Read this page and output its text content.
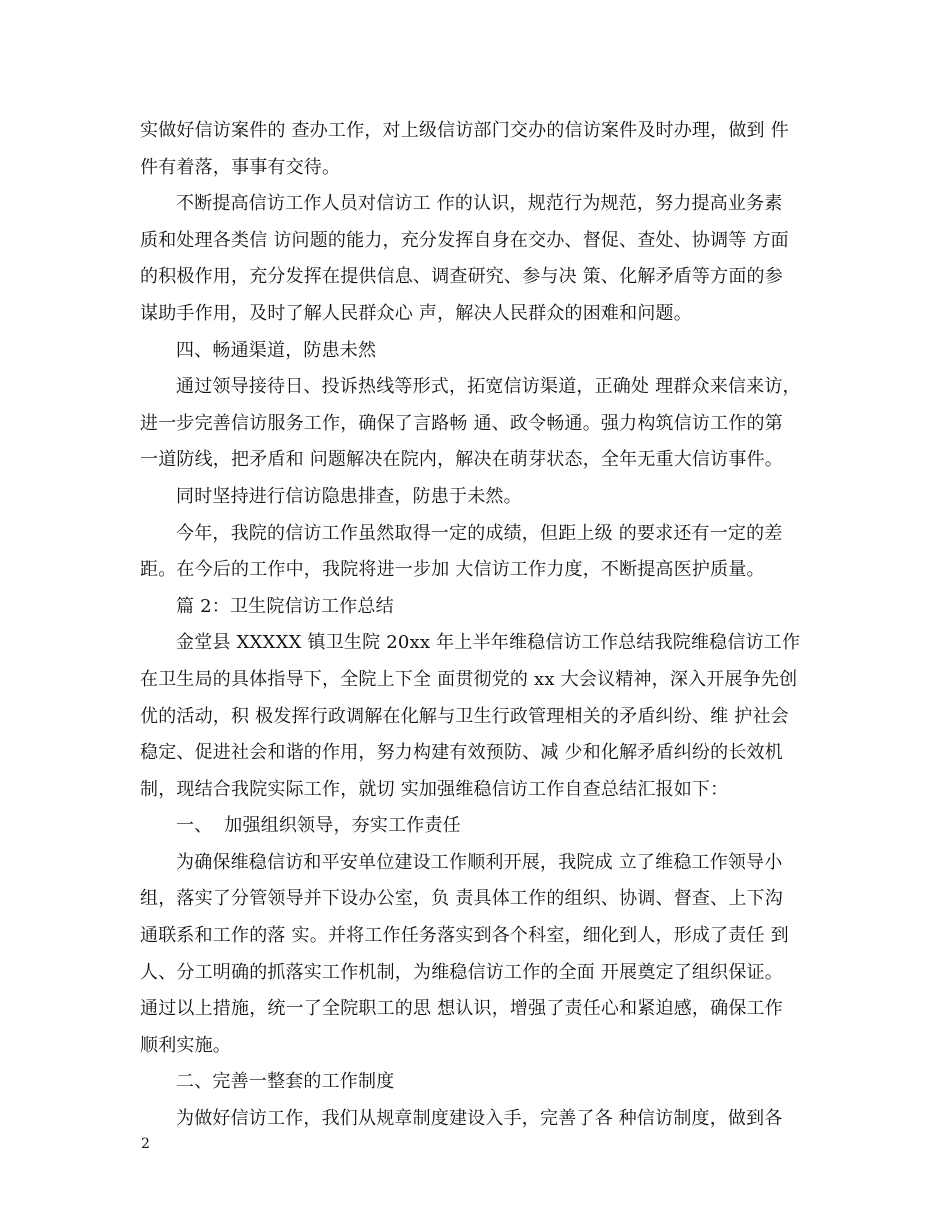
实做好信访案件的 查办工作，对上级信访部门交办的信访案件及时办理，做到 件
件有着落，事事有交待。
不断提高信访工作人员对信访工 作的认识，规范行为规范，努力提高业务素
质和处理各类信 访问题的能力，充分发挥自身在交办、督促、查处、协调等 方面
的积极作用，充分发挥在提供信息、调查研究、参与决 策、化解矛盾等方面的参
谋助手作用，及时了解人民群众心 声，解决人民群众的困难和问题。
四、畅通渠道，防患未然
通过领导接待日、投诉热线等形式，拓宽信访渠道，正确处 理群众来信来访，
进一步完善信访服务工作，确保了言路畅 通、政令畅通。强力构筑信访工作的第
一道防线，把矛盾和 问题解决在院内，解决在萌芽状态，全年无重大信访事件。
同时坚持进行信访隐患排查，防患于未然。
今年，我院的信访工作虽然取得一定的成绩，但距上级 的要求还有一定的差
距。在今后的工作中，我院将进一步加 大信访工作力度，不断提高医护质量。
篇 2：卫生院信访工作总结
金堂县 XXXXX 镇卫生院 20xx 年上半年维稳信访工作总结我院维稳信访工作
在卫生局的具体指导下，全院上下全 面贯彻党的 xx 大会议精神，深入开展争先创
优的活动，积 极发挥行政调解在化解与卫生行政管理相关的矛盾纠纷、维 护社会
稳定、促进社会和谐的作用，努力构建有效预防、减 少和化解矛盾纠纷的长效机
制，现结合我院实际工作，就切 实加强维稳信访工作自查总结汇报如下：
一、  加强组织领导，夯实工作责任
为确保维稳信访和平安单位建设工作顺利开展，我院成 立了维稳工作领导小
组，落实了分管领导并下设办公室，负 责具体工作的组织、协调、督查、上下沟
通联系和工作的落 实。并将工作任务落实到各个科室，细化到人，形成了责任 到
人、分工明确的抓落实工作机制，为维稳信访工作的全面 开展奠定了组织保证。
通过以上措施，统一了全院职工的思 想认识，增强了责任心和紧迫感，确保工作
顺利实施。
二、完善一整套的工作制度
为做好信访工作，我们从规章制度建设入手，完善了各 种信访制度，做到各
2
